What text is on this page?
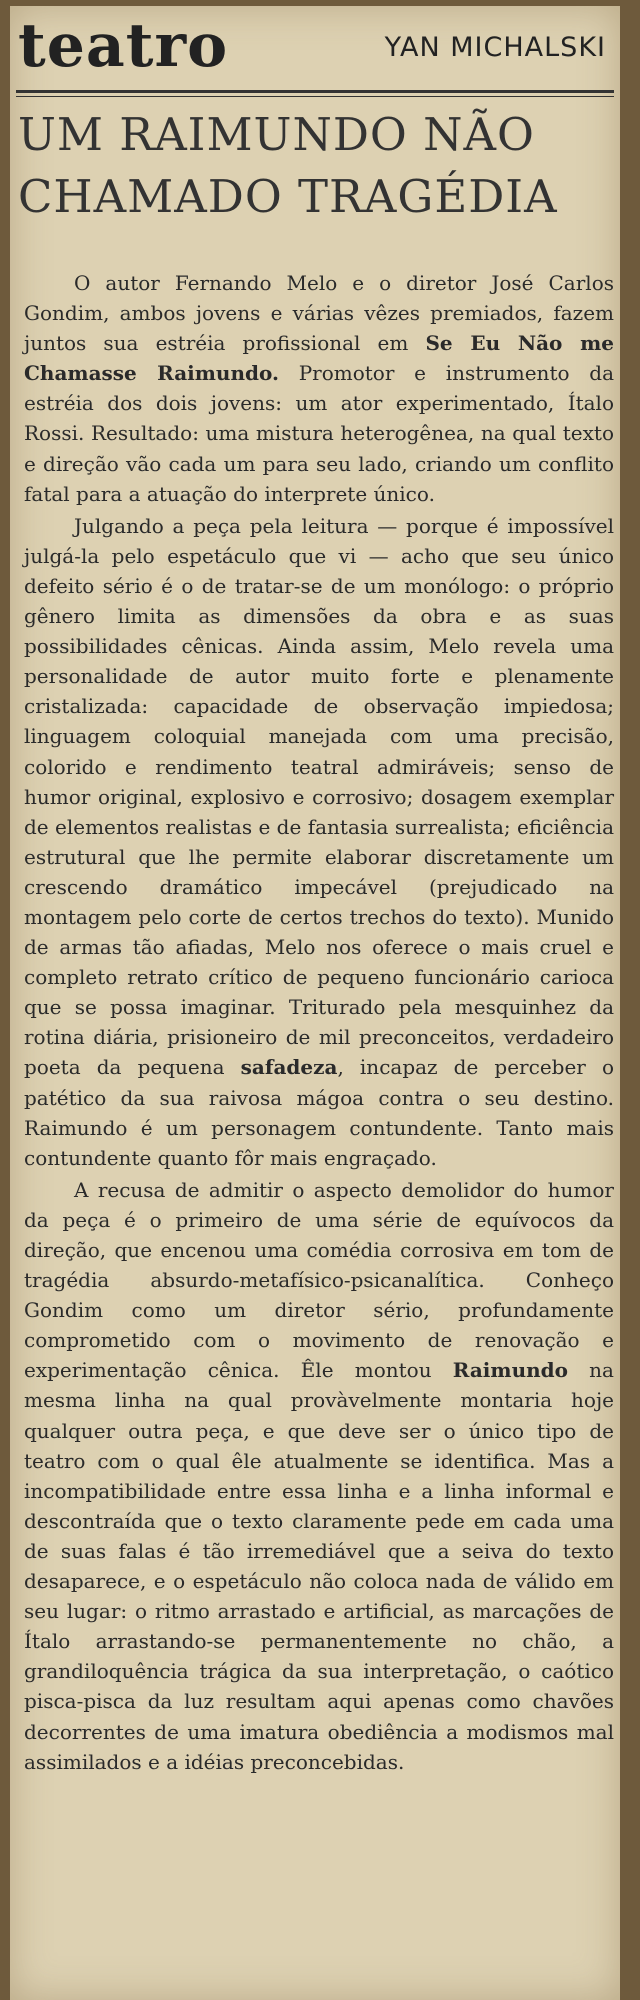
teatro	YAN MICHALSKI
UM RAIMUNDO NÃO
CHAMADO TRAGÉDIA

O autor Fernando Melo e o diretor José Carlos Gondim, ambos jovens e várias vêzes premiados, fazem juntos sua estréia profissional em Se Eu Não me Chamasse Raimundo. Promotor e instrumento da estréia dos dois jovens: um ator experimentado, Ítalo Rossi. Resultado: uma mistura heterogênea, na qual texto e direção vão cada um para seu lado, criando um conflito fatal para a atuação do interprete único.

Julgando a peça pela leitura — porque é impossível julgá-la pelo espetáculo que vi — acho que seu único defeito sério é o de tratar-se de um monólogo: o próprio gênero limita as dimensões da obra e as suas possibilidades cênicas. Ainda assim, Melo revela uma personalidade de autor muito forte e plenamente cristalizada: capacidade de observação impiedosa; linguagem coloquial manejada com uma precisão, colorido e rendimento teatral admiráveis; senso de humor original, explosivo e corrosivo; dosagem exemplar de elementos realistas e de fantasia surrealista; eficiência estrutural que lhe permite elaborar discretamente um crescendo dramático impecável (prejudicado na montagem pelo corte de certos trechos do texto). Munido de armas tão afiadas, Melo nos oferece o mais cruel e completo retrato crítico de pequeno funcionário carioca que se possa imaginar. Triturado pela mesquinhez da rotina diária, prisioneiro de mil preconceitos, verdadeiro poeta da pequena safadeza, incapaz de perceber o patético da sua raivosa mágoa contra o seu destino. Raimundo é um personagem contundente. Tanto mais contundente quanto fôr mais engraçado.

A recusa de admitir o aspecto demolidor do humor da peça é o primeiro de uma série de equívocos da direção, que encenou uma comédia corrosiva em tom de tragédia absurdo-metafísico-psicanalítica. Conheço Gondim como um diretor sério, profundamente comprometido com o movimento de renovação e experimentação cênica. Êle montou Raimundo na mesma linha na qual provàvelmente montaria hoje qualquer outra peça, e que deve ser o único tipo de teatro com o qual êle atualmente se identifica. Mas a incompatibilidade entre essa linha e a linha informal e descontraída que o texto claramente pede em cada uma de suas falas é tão irremediável que a seiva do texto desaparece, e o espetáculo não coloca nada de válido em seu lugar: o ritmo arrastado e artificial, as marcações de Ítalo arrastando-se permanentemente no chão, a grandiloquência trágica da sua interpretação, o caótico pisca-pisca da luz resultam aqui apenas como chavões decorrentes de uma imatura obediência a modismos mal assimilados e a idéias preconcebidas.
